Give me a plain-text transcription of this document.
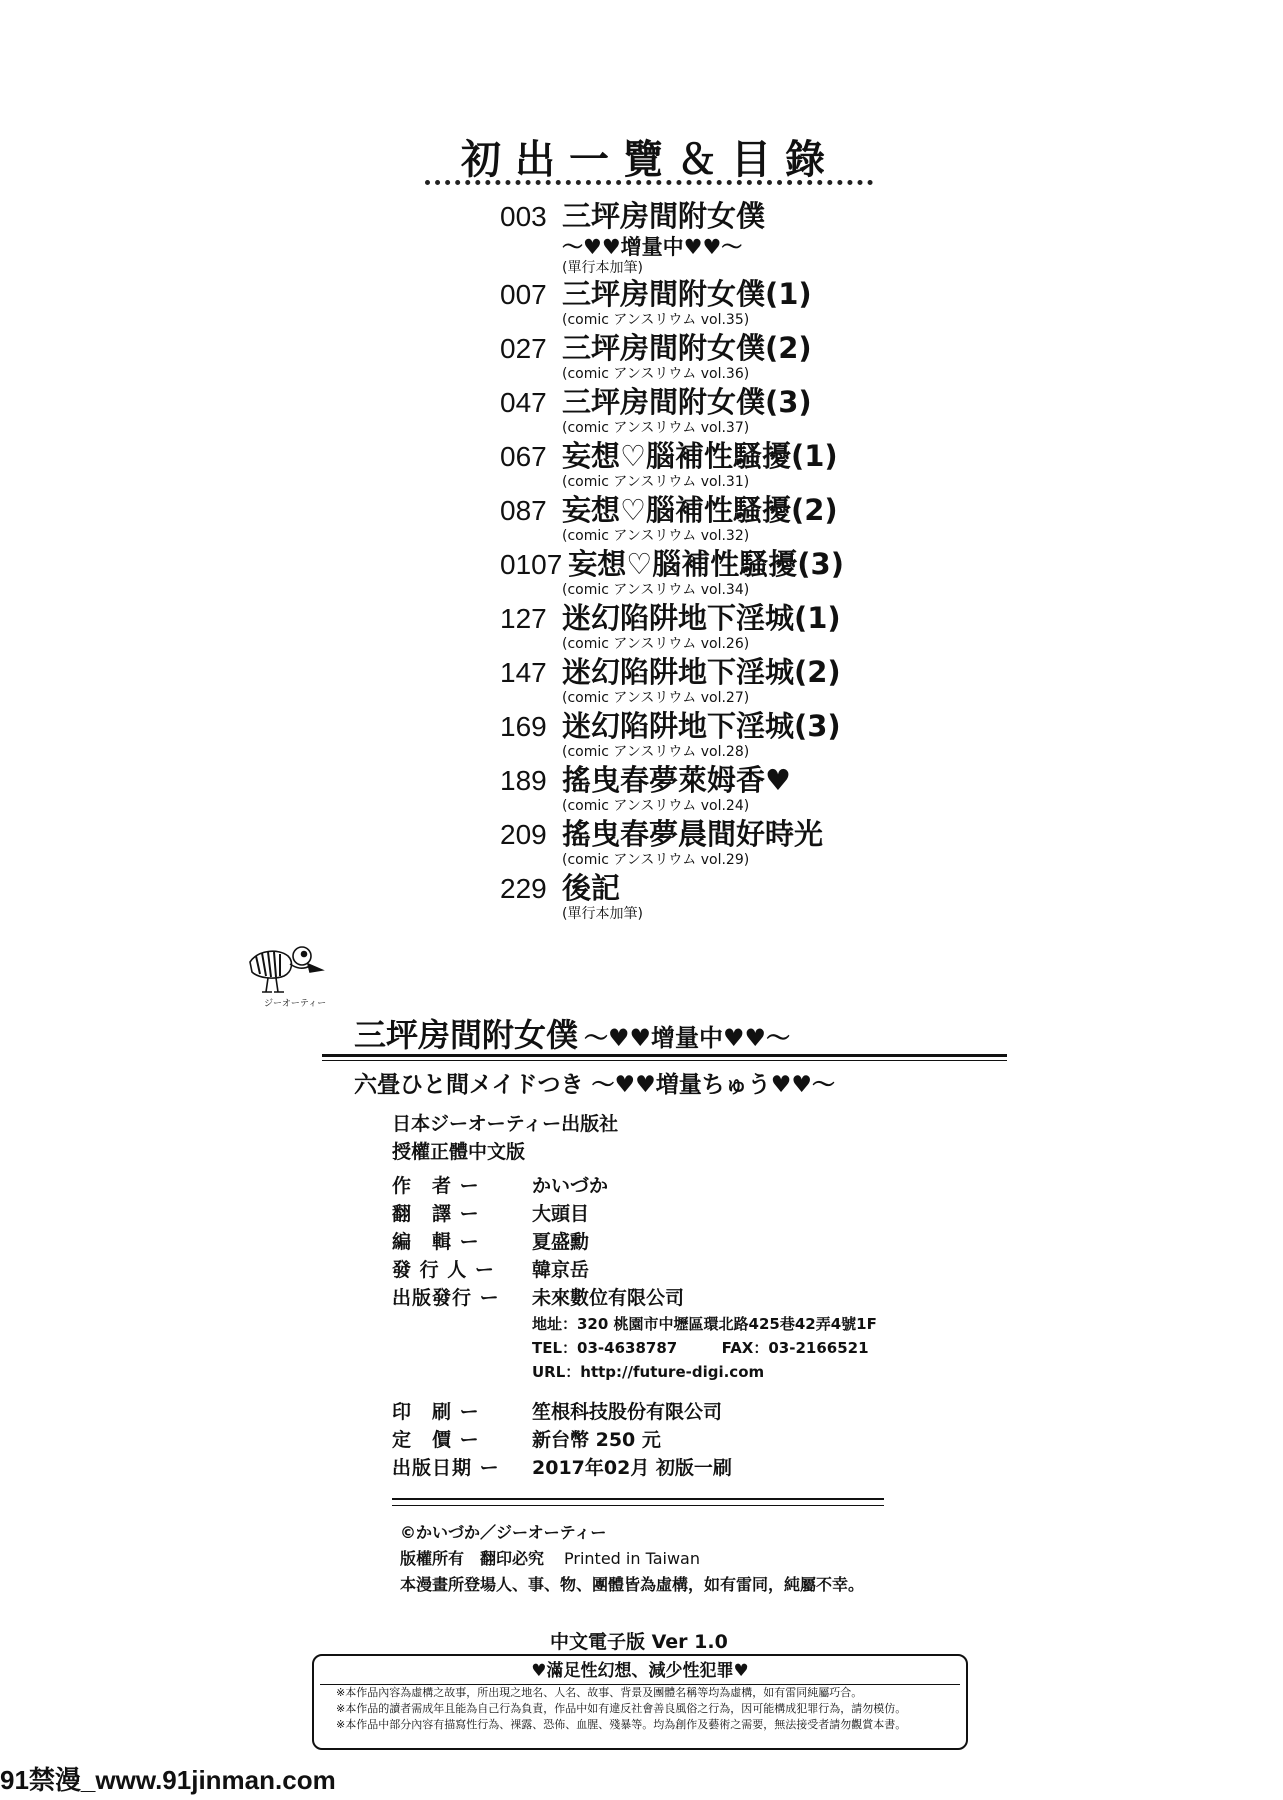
初出一覽＆目錄
003 三坪房間附女僕
～♥♥增量中♥♥～
(單行本加筆)
007 三坪房間附女僕(1)
(comic アンスリウム vol.35)
027 三坪房間附女僕(2)
(comic アンスリウム vol.36)
047 三坪房間附女僕(3)
(comic アンスリウム vol.37)
067 妄想♡腦補性騷擾(1)
(comic アンスリウム vol.31)
087 妄想♡腦補性騷擾(2)
(comic アンスリウム vol.32)
0107 妄想♡腦補性騷擾(3)
(comic アンスリウム vol.34)
127 迷幻陷阱地下淫城(1)
(comic アンスリウム vol.26)
147 迷幻陷阱地下淫城(2)
(comic アンスリウム vol.27)
169 迷幻陷阱地下淫城(3)
(comic アンスリウム vol.28)
189 搖曳春夢萊姆香♥
(comic アンスリウム vol.24)
209 搖曳春夢晨間好時光
(comic アンスリウム vol.29)
229 後記
(單行本加筆)
ジーオーティー
三坪房間附女僕 ～♥♥增量中♥♥～
六畳ひと間メイドつき ～♥♥増量ちゅう♥♥～
日本ジーオーティー出版社
授權正體中文版
作　者 ー	かいづか
翻　譯 ー	大頭目
編　輯 ー	夏盛勳
發 行 人 ー	韓京岳
出版發行 ー	未來數位有限公司
地址：320 桃園市中壢區環北路425巷42弄4號1F
TEL：03-4638787	FAX：03-2166521
URL：http://future-digi.com
印　刷 ー	笙根科技股份有限公司
定　價 ー	新台幣 250 元
出版日期 ー	2017年02月 初版一刷
©かいづか／ジーオーティー
版權所有　翻印必究 Printed in Taiwan
本漫畫所登場人、事、物、團體皆為虛構，如有雷同，純屬不幸。
中文電子版 Ver 1.0
♥滿足性幻想、減少性犯罪♥
※本作品內容為虛構之故事，所出現之地名、人名、故事、背景及團體名稱等均為虛構，如有雷同純屬巧合。
※本作品的讀者需成年且能為自己行為負責，作品中如有違反社會善良風俗之行為，因可能構成犯罪行為，請勿模仿。
※本作品中部分內容有描寫性行為、裸露、恐佈、血腥、殘暴等。均為創作及藝術之需要，無法接受者請勿觀賞本書。
91禁漫_www.91jinman.com
